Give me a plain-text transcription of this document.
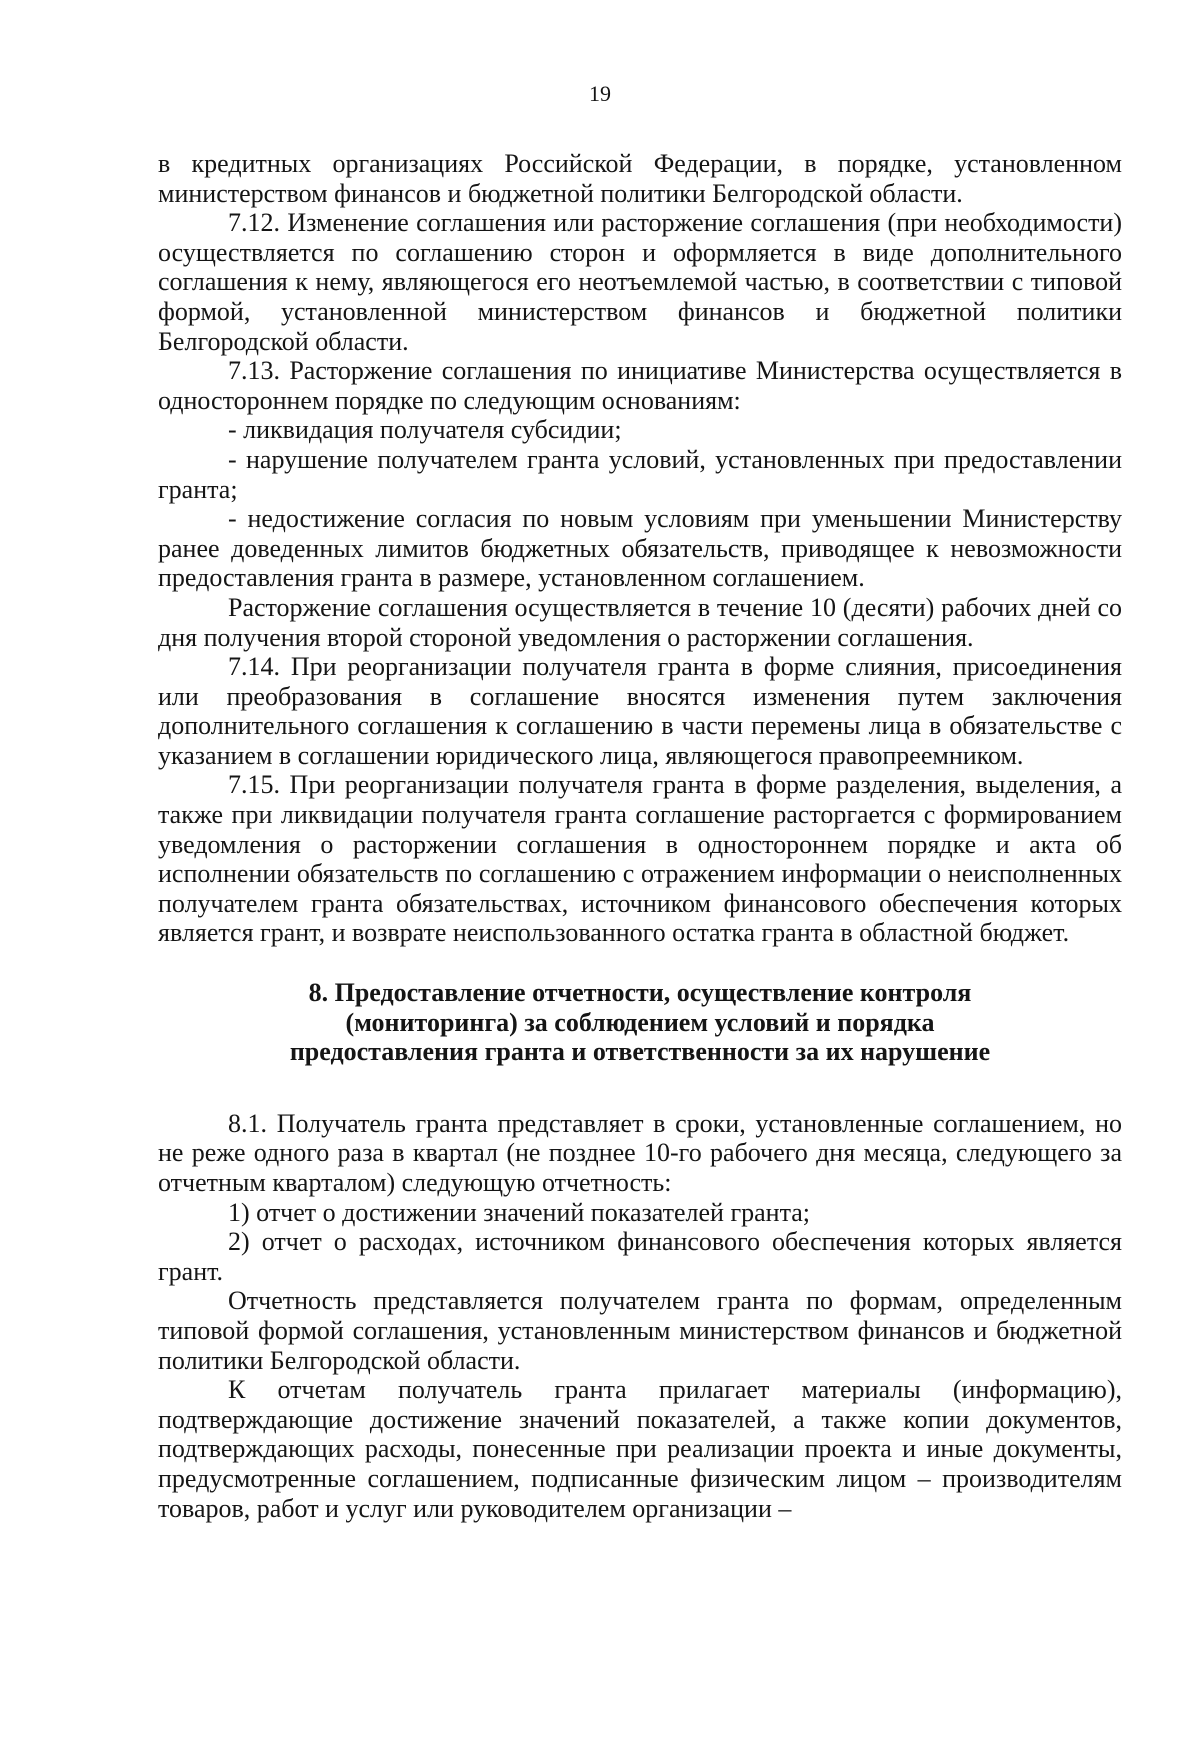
19

в кредитных организациях Российской Федерации, в порядке, установленном министерством финансов и бюджетной политики Белгородской области.

7.12. Изменение соглашения или расторжение соглашения (при необходимости) осуществляется по соглашению сторон и оформляется в виде дополнительного соглашения к нему, являющегося его неотъемлемой частью, в соответствии с типовой формой, установленной министерством финансов и бюджетной политики Белгородской области.

7.13. Расторжение соглашения по инициативе Министерства осуществляется в одностороннем порядке по следующим основаниям:

- ликвидация получателя субсидии;

- нарушение получателем гранта условий, установленных при предоставлении гранта;

- недостижение согласия по новым условиям при уменьшении Министерству ранее доведенных лимитов бюджетных обязательств, приводящее к невозможности предоставления гранта в размере, установленном соглашением.

Расторжение соглашения осуществляется в течение 10 (десяти) рабочих дней со дня получения второй стороной уведомления о расторжении соглашения.

7.14. При реорганизации получателя гранта в форме слияния, присоединения или преобразования в соглашение вносятся изменения путем заключения дополнительного соглашения к соглашению в части перемены лица в обязательстве с указанием в соглашении юридического лица, являющегося правопреемником.

7.15. При реорганизации получателя гранта в форме разделения, выделения, а также при ликвидации получателя гранта соглашение расторгается с формированием уведомления о расторжении соглашения в одностороннем порядке и акта об исполнении обязательств по соглашению с отражением информации о неисполненных получателем гранта обязательствах, источником финансового обеспечения которых является грант, и возврате неиспользованного остатка гранта в областной бюджет.

8. Предоставление отчетности, осуществление контроля
(мониторинга) за соблюдением условий и порядка
предоставления гранта и ответственности за их нарушение

8.1. Получатель гранта представляет в сроки, установленные соглашением, но не реже одного раза в квартал (не позднее 10-го рабочего дня месяца, следующего за отчетным кварталом) следующую отчетность:

1) отчет о достижении значений показателей гранта;

2) отчет о расходах, источником финансового обеспечения которых является грант.

Отчетность представляется получателем гранта по формам, определенным типовой формой соглашения, установленным министерством финансов и бюджетной политики Белгородской области.

К отчетам получатель гранта прилагает материалы (информацию), подтверждающие достижение значений показателей, а также копии документов, подтверждающих расходы, понесенные при реализации проекта и иные документы, предусмотренные соглашением, подписанные физическим лицом – производителям товаров, работ и услуг или руководителем организации –
